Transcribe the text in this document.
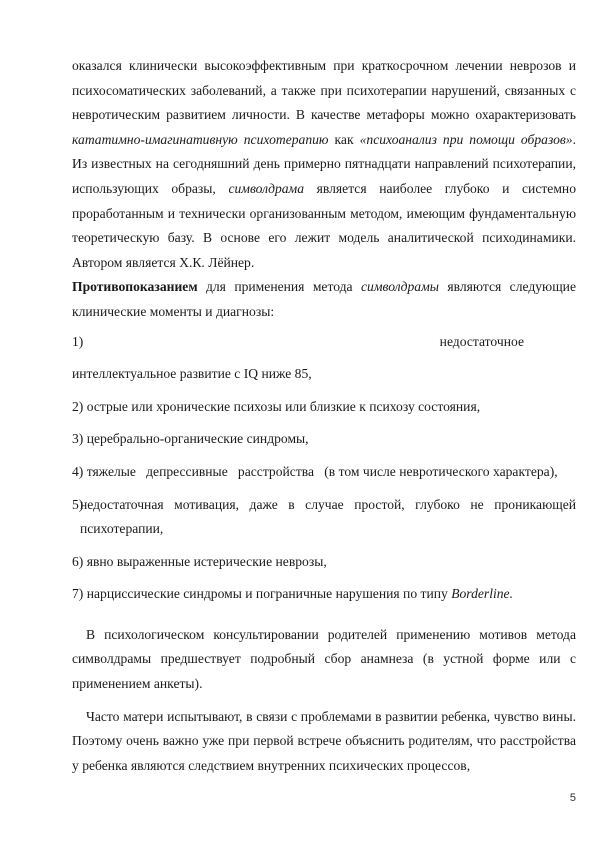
оказался клинически высокоэффективным при краткосрочном лечении неврозов и психосоматических заболеваний, а также при психотерапии нарушений, связанных с невротическим развитием личности. В качестве метафоры можно охарактеризовать кататимно-имагинативную психотерапию как «психоанализ при помощи образов». Из известных на сегодняшний день примерно пятнадцати направлений психотерапии, использующих образы, символдрама является наиболее глубоко и системно проработанным и технически организованным методом, имеющим фундаментальную теоретическую базу. В основе его лежит модель аналитической психодинамики. Автором является Х.К. Лёйнер.

Противопоказанием для применения метода символдрамы являются следующие клинические моменты и диагнозы:

1)	недостаточное

интеллектуальное развитие с IQ ниже 85,

2) острые или хронические психозы или близкие к психозу состояния,

3) церебрально-органические синдромы,

4) тяжелые   депрессивные   расстройства   (в том числе невротического характера),

5)
недостаточная мотивация, даже в случае простой, глубоко не проникающей психотерапии,

6) явно выраженные истерические неврозы,

7) нарциссические синдромы и пограничные нарушения по типу Borderline.

В психологическом консультировании родителей применению мотивов метода символдрамы предшествует подробный сбор анамнеза (в устной форме или с применением анкеты).

Часто матери испытывают, в связи с проблемами в развитии ребенка, чувство вины. Поэтому очень важно уже при первой встрече объяснить родителям, что расстройства у ребенка являются следствием внутренних психических процессов,

5
